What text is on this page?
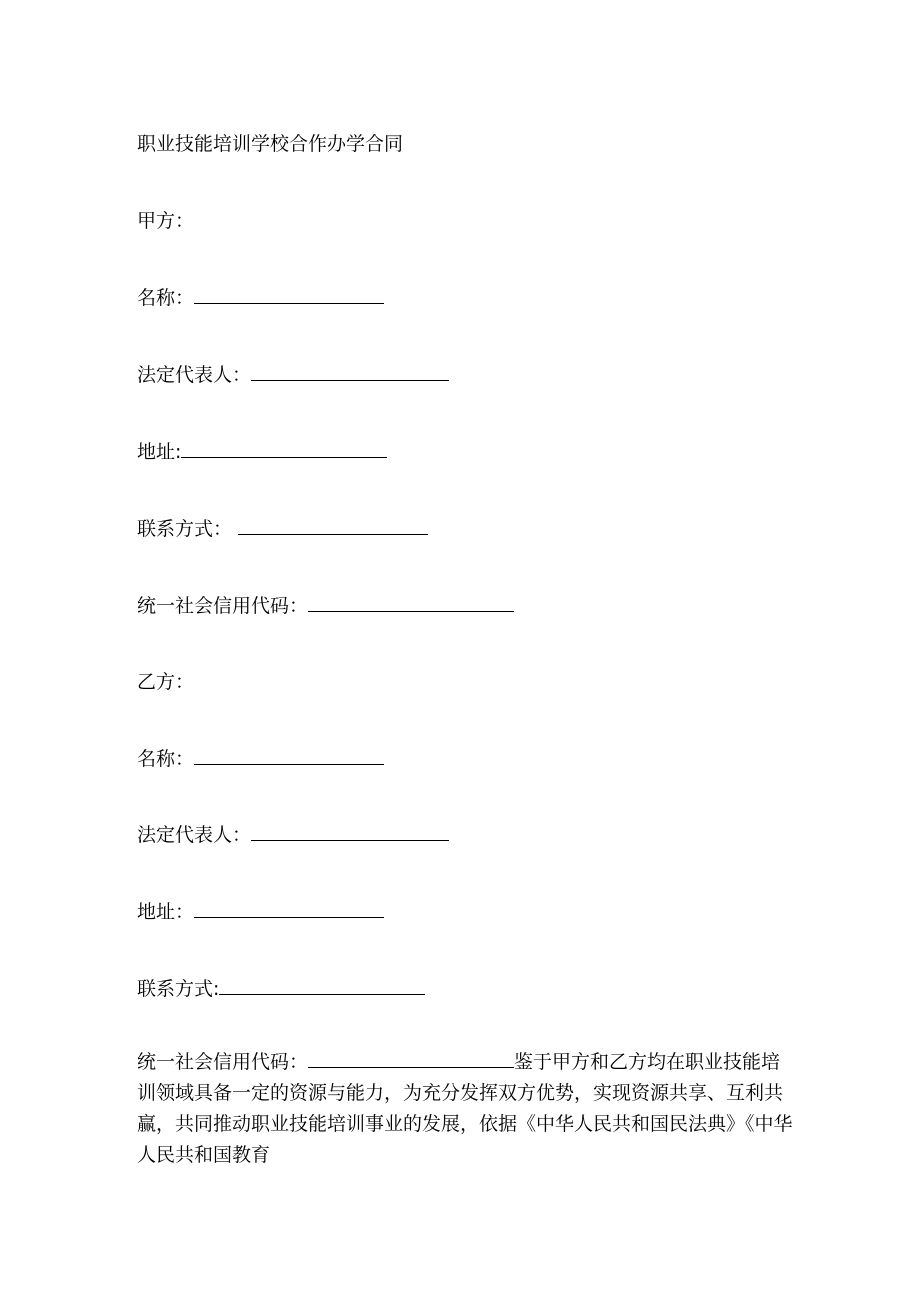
职业技能培训学校合作办学合同
甲方：
名称：
法定代表人：
地址:
联系方式：
统一社会信用代码：
乙方：
名称：
法定代表人：
地址：
联系方式:
统一社会信用代码：	鉴于甲方和乙方均在职业技能培训领域具备一定的资源与能力，为充分发挥双方优势，实现资源共享、互利共赢，共同推动职业技能培训事业的发展，依据《中华人民共和国民法典》《中华人民共和国教育
